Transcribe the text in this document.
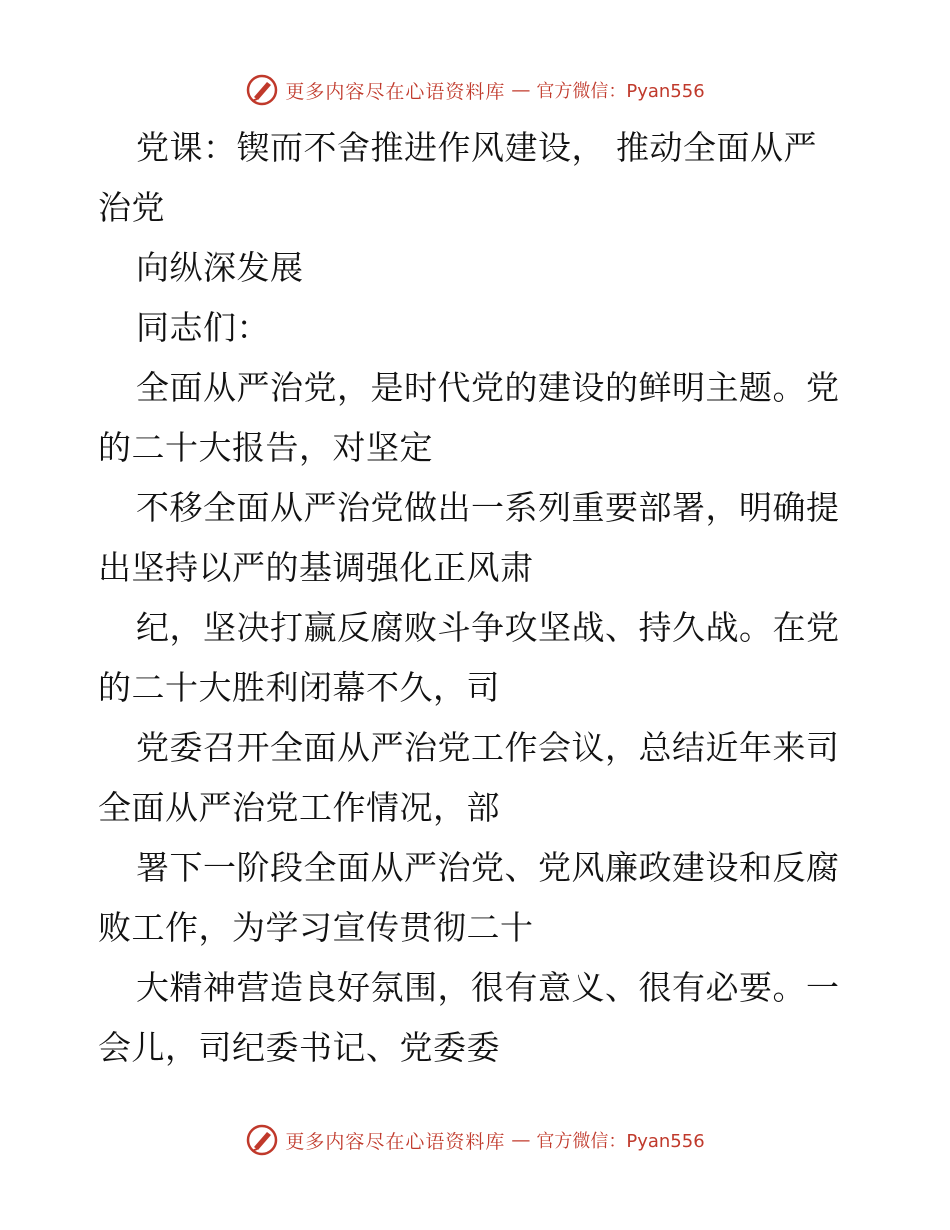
更多内容尽在心语资料库 — 官方微信：Pyan556
党课：锲而不舍推进作风建设， 推动全面从严
治党
向纵深发展
同志们：
全面从严治党，是时代党的建设的鲜明主题。党
的二十大报告，对坚定
不移全面从严治党做出一系列重要部署，明确提
出坚持以严的基调强化正风肃
纪，坚决打赢反腐败斗争攻坚战、持久战。在党
的二十大胜利闭幕不久，司
党委召开全面从严治党工作会议，总结近年来司
全面从严治党工作情况，部
署下一阶段全面从严治党、党风廉政建设和反腐
败工作，为学习宣传贯彻二十
大精神营造良好氛围，很有意义、很有必要。一
会儿，司纪委书记、党委委
更多内容尽在心语资料库 — 官方微信：Pyan556
